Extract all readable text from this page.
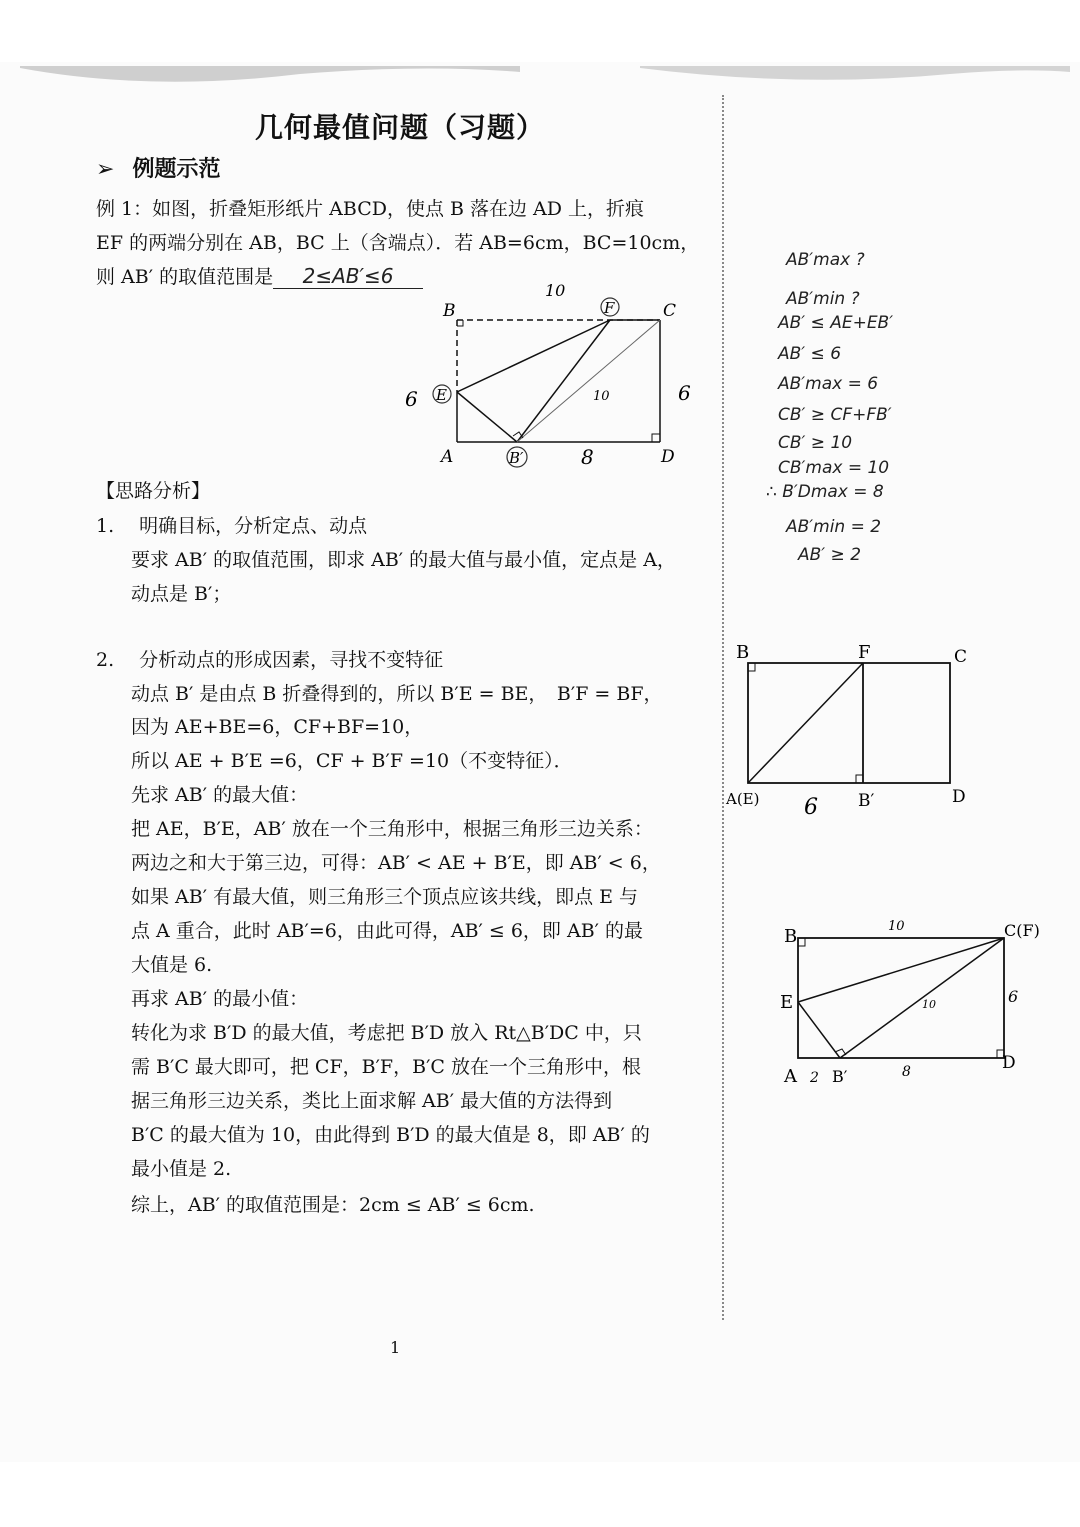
几何最值问题（习题）
➢ 例题示范
例 1：如图，折叠矩形纸片 ABCD，使点 B 落在边 AD 上，折痕
EF 的两端分别在 AB，BC 上（含端点）．若 AB=6cm，BC=10cm，
则 AB′ 的取值范围是 2≤AB′≤6
B	C
E
F
A	B′	D
10
6	6
10
8
【思路分析】
1.　 明确目标，分析定点、动点
要求 AB′ 的取值范围，即求 AB′ 的最大值与最小值，定点是 A，
动点是 B′；
2.　 分析动点的形成因素，寻找不变特征
动点 B′ 是由点 B 折叠得到的，所以 B′E = BE，　B′F = BF，
因为 AE+BE=6，CF+BF=10，
所以 AE + B′E =6，CF + B′F =10（不变特征）．
先求 AB′ 的最大值：
把 AE，B′E，AB′ 放在一个三角形中，根据三角形三边关系：
两边之和大于第三边，可得：AB′ < AE + B′E，即 AB′ < 6，
如果 AB′ 有最大值，则三角形三个顶点应该共线，即点 E 与
点 A 重合，此时 AB′=6，由此可得，AB′ ≤ 6，即 AB′ 的最
大值是 6.
再求 AB′ 的最小值：
转化为求 B′D 的最大值，考虑把 B′D 放入 Rt△B′DC 中，只
需 B′C 最大即可，把 CF，B′F，B′C 放在一个三角形中，根
据三角形三边关系，类比上面求解 AB′ 最大值的方法得到
B′C 的最大值为 10，由此得到 B′D 的最大值是 8，即 AB′ 的
最小值是 2.
综上，AB′ 的取值范围是：2cm ≤ AB′ ≤ 6cm.
AB′max ?
AB′min ?
AB′ ≤ AE+EB′
AB′ ≤ 6
AB′max = 6
CB′ ≥ CF+FB′
CB′ ≥ 10
CB′max = 10
∴ B′Dmax = 8
AB′min = 2
AB′ ≥ 2
B	F	C
A(E)	B′	D
6
B	C(F)
E
A B′
D
10
10	6
2	8
1
